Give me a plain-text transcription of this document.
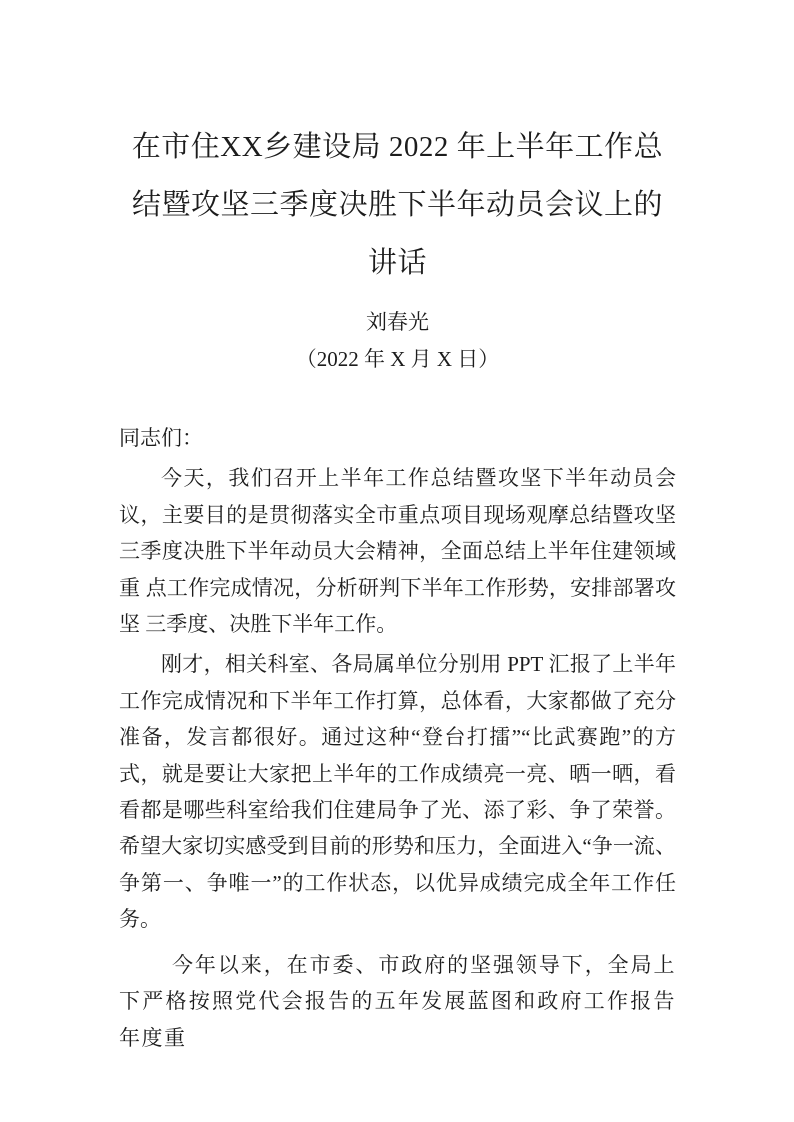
在市住XX乡建设局 2022 年上半年工作总结暨攻坚三季度决胜下半年动员会议上的讲话
刘春光
（2022 年 X 月 X 日）

同志们：

今天，我们召开上半年工作总结暨攻坚下半年动员会议，主要目的是贯彻落实全市重点项目现场观摩总结暨攻坚三季度决胜下半年动员大会精神，全面总结上半年住建领域重 点工作完成情况，分析研判下半年工作形势，安排部署攻坚 三季度、决胜下半年工作。

刚才，相关科室、各局属单位分别用 PPT 汇报了上半年工作完成情况和下半年工作打算，总体看，大家都做了充分准备，发言都很好。通过这种“登台打擂”“比武赛跑”的方式，就是要让大家把上半年的工作成绩亮一亮、晒一晒，看看都是哪些科室给我们住建局争了光、添了彩、争了荣誉。 希望大家切实感受到目前的形势和压力，全面进入“争一流、争第一、争唯一”的工作状态，以优异成绩完成全年工作任务。

今年以来，在市委、市政府的坚强领导下，全局上下严格按照党代会报告的五年发展蓝图和政府工作报告年度重
